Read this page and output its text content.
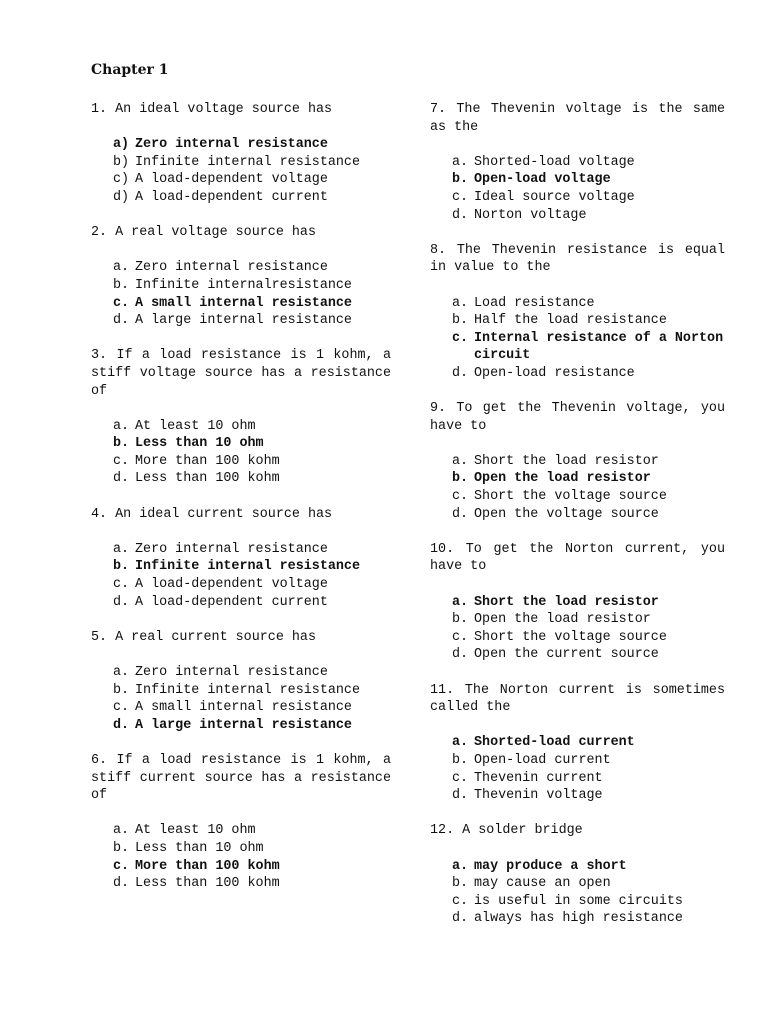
Chapter 1
1. An ideal voltage source has
a) Zero internal resistance
b) Infinite internal resistance
c) A load-dependent voltage
d) A load-dependent current
2. A real voltage source has
a. Zero internal resistance
b. Infinite internalresistance
c. A small internal resistance
d. A large internal resistance
3. If a load resistance is 1 kohm, a stiff voltage source has a resistance of
a. At least 10 ohm
b. Less than 10 ohm
c. More than 100 kohm
d. Less than 100 kohm
4. An ideal current source has
a. Zero internal resistance
b. Infinite internal resistance
c. A load-dependent voltage
d. A load-dependent current
5. A real current source has
a. Zero internal resistance
b. Infinite internal resistance
c. A small internal resistance
d. A large internal resistance
6. If a load resistance is 1 kohm, a stiff current source has a resistance of
a. At least 10 ohm
b. Less than 10 ohm
c. More than 100 kohm
d. Less than 100 kohm
7. The Thevenin voltage is the same as the
a. Shorted-load voltage
b. Open-load voltage
c. Ideal source voltage
d. Norton voltage
8. The Thevenin resistance is equal in value to the
a. Load resistance
b. Half the load resistance
c. Internal resistance of a Norton circuit
d. Open-load resistance
9. To get the Thevenin voltage, you have to
a. Short the load resistor
b. Open the load resistor
c. Short the voltage source
d. Open the voltage source
10. To get the Norton current, you have to
a. Short the load resistor
b. Open the load resistor
c. Short the voltage source
d. Open the current source
11. The Norton current is sometimes called the
a. Shorted-load current
b. Open-load current
c. Thevenin current
d. Thevenin voltage
12. A solder bridge
a. may produce a short
b. may cause an open
c. is useful in some circuits
d. always has high resistance
